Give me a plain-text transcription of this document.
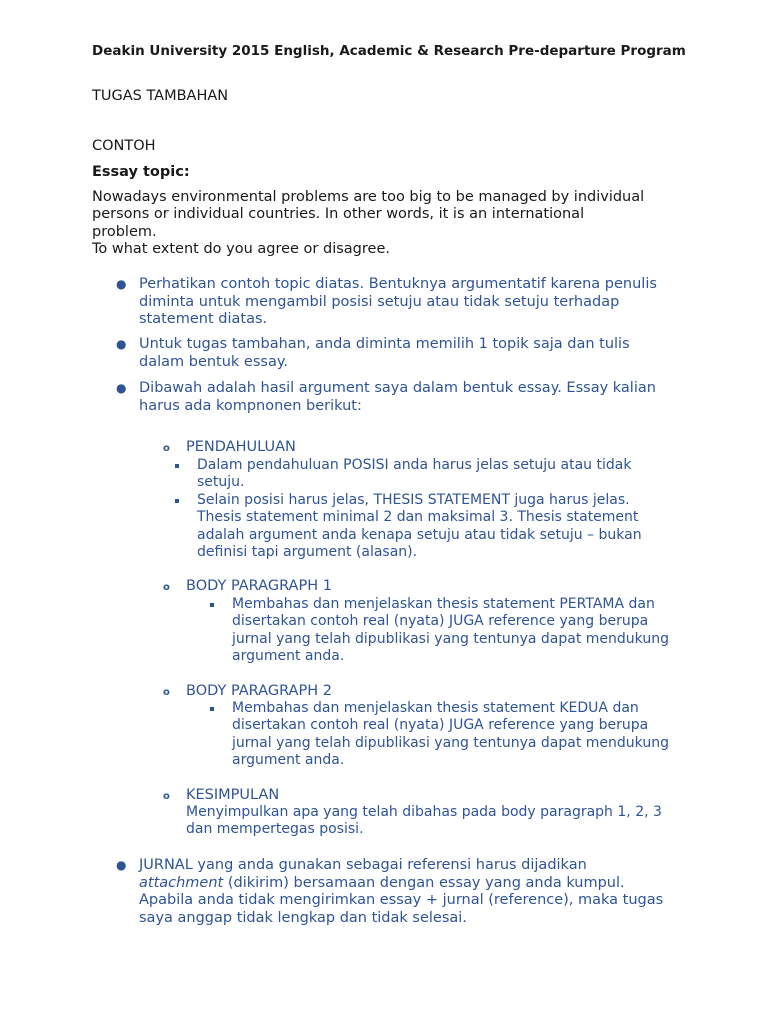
Deakin University 2015 English, Academic & Research Pre-departure Program

TUGAS TAMBAHAN

CONTOH

Essay topic:

Nowadays environmental problems are too big to be managed by individual persons or individual countries. In other words, it is an international problem.
To what extent do you agree or disagree.
● Perhatikan contoh topic diatas. Bentuknya argumentatif karena penulis diminta untuk mengambil posisi setuju atau tidak setuju terhadap statement diatas.
● Untuk tugas tambahan, anda diminta memilih 1 topik saja dan tulis dalam bentuk essay.
● Dibawah adalah hasil argument saya dalam bentuk essay. Essay kalian harus ada kompnonen berikut:
o PENDAHULUAN
Dalam pendahuluan POSISI anda harus jelas setuju atau tidak setuju.
Selain posisi harus jelas, THESIS STATEMENT juga harus jelas. Thesis statement minimal 2 dan maksimal 3. Thesis statement adalah argument anda kenapa setuju atau tidak setuju – bukan definisi tapi argument (alasan).
o BODY PARAGRAPH 1
Membahas dan menjelaskan thesis statement PERTAMA dan disertakan contoh real (nyata) JUGA reference yang berupa jurnal yang telah dipublikasi yang tentunya dapat mendukung argument anda.
o BODY PARAGRAPH 2
Membahas dan menjelaskan thesis statement KEDUA dan disertakan contoh real (nyata) JUGA reference yang berupa jurnal yang telah dipublikasi yang tentunya dapat mendukung argument anda.
o KESIMPULAN
Menyimpulkan apa yang telah dibahas pada body paragraph 1, 2, 3 dan mempertegas posisi.
● JURNAL yang anda gunakan sebagai referensi harus dijadikan attachment (dikirim) bersamaan dengan essay yang anda kumpul. Apabila anda tidak mengirimkan essay + jurnal (reference), maka tugas saya anggap tidak lengkap dan tidak selesai.
